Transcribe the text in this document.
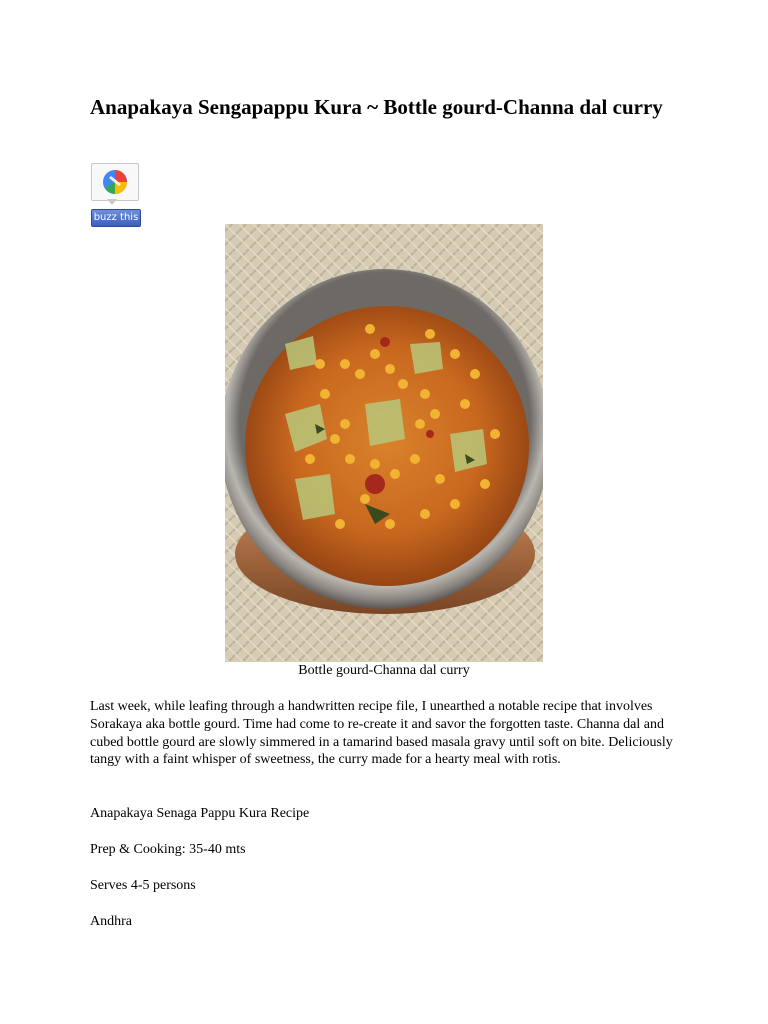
Anapakaya Sengapappu Kura ~ Bottle gourd-Channa dal curry
buzz this
Bottle gourd-Channa dal curry

Last week, while leafing through a handwritten recipe file, I unearthed a notable recipe that involves Sorakaya aka bottle gourd. Time had come to re-create it and savor the forgotten taste. Channa dal and cubed bottle gourd are slowly simmered in a tamarind based masala gravy until soft on bite. Deliciously tangy with a faint whisper of sweetness, the curry made for a hearty meal with rotis.

Anapakaya Senaga Pappu Kura Recipe

Prep & Cooking: 35-40 mts

Serves 4-5 persons

Andhra
